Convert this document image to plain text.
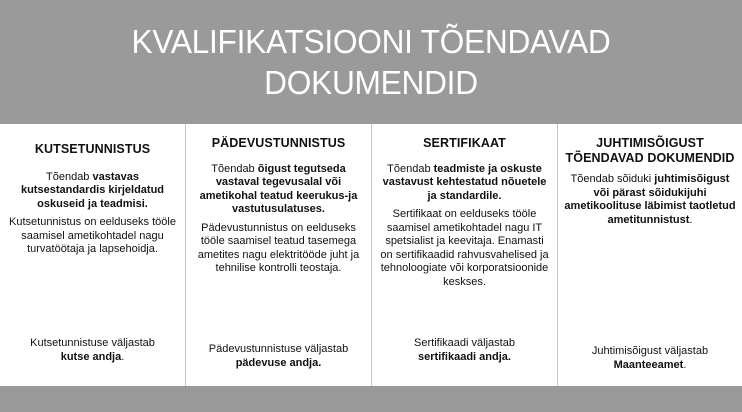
KVALIFIKATSIOONI TÕENDAVAD DOKUMENDID
KUTSETUNNISTUS

Tõendab vastavas kutsestandardis kirjeldatud oskuseid ja teadmisi.

Kutsetunnistus on eelduseks tööle saamisel ametikohtadel nagu turvatöötaja ja lapsehoidja.

Kutsetunnistuse väljastab
kutse andja.

PÄDEVUSTUNNISTUS

Tõendab õigust tegutseda vastaval tegevusalal või ametikohal teatud keerukus-ja vastutusulatuses.

Pädevustunnistus on eelduseks tööle saamisel teatud tasemega ametites nagu elektritööde juht ja tehnilise kontrolli teostaja.

Pädevustunnistuse väljastab
pädevuse andja.

SERTIFIKAAT

Tõendab teadmiste ja oskuste vastavust kehtestatud nõuetele ja standardile.

Sertifikaat on eelduseks tööle saamisel ametikohtadel nagu IT spetsialist ja keevitaja. Enamasti on sertifikaadid rahvusvahelised ja tehnoloogiate või korporatsioonide keskses.

Sertifikaadi väljastab
sertifikaadi andja.

JUHTIMISÕIGUST TÕENDAVAD DOKUMENDID

Tõendab sõiduki juhtimisõigust või pärast sõidukijuhi ametikoolituse läbimist taotletud ametitunnistust.

Juhtimisõigust väljastab
Maanteeamet.
